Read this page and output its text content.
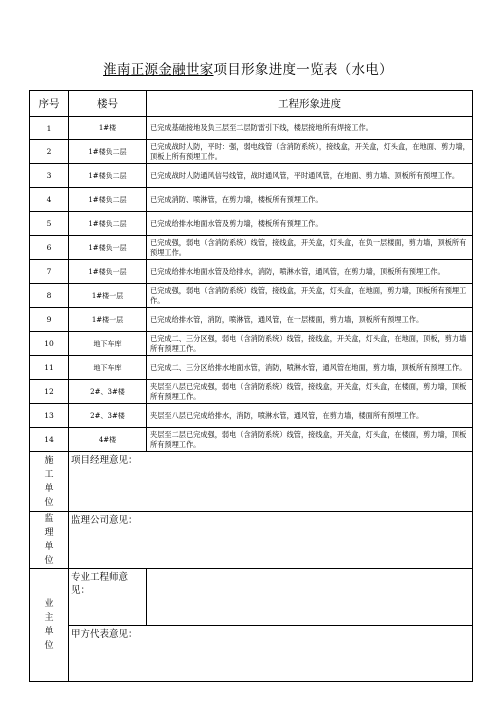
淮南正源金融世家项目形象进度一览表（水电）
序号	楼号	工程形象进度
1	1#楼	已完成基础接地及负三层至二层防雷引下线，楼层接地所有焊接工作。
2	1#楼负二层	已完成战时人防，平时：强，弱电线管（含消防系统），接线盒，开关盒，灯头盒，在地面、剪力墙，顶板上所有预埋工作。
3	1#楼负二层	已完成战时人防通风信号线管，战时通风管，平时通风管，在地面、剪力墙、顶板所有预埋工作。
4	1#楼负二层	已完成消防、喷淋管，在剪力墙，楼板所有预埋工作。
5	1#楼负二层	已完成给排水地面水管及剪力墙，楼板所有预埋工作。
6	1#楼负一层	已完成强，弱电（含消防系统）线管，接线盒，开关盒，灯头盒，在负一层楼面，剪力墙，顶板所有预埋工作。
7	1#楼负一层	已完成给排水地面水管及给排水，消防，喷淋水管，通风管，在剪力墙，顶板所有预埋工作。
8	1#楼一层	已完成强，弱电（含消防系统）线管，接线盒，开关盒，灯头盒，在地面，剪力墙，顶板所有预埋工作。
9	1#楼一层	已完成给排水管，消防，喷淋管，通风管，在一层楼面，剪力墙，顶板所有预埋工作。
10	地下车库	已完成二、三分区强，弱电（含消防系统）线管，接线盒，开关盒，灯头盒，在地面，顶板，剪力墙所有预埋工作。
11	地下车库	已完成二、三分区给排水地面水管，消防，喷淋水管，通风管在地面，剪力墙，顶板所有预埋工作。
12	2#、3#楼	夹层至八层已完成强，弱电（含消防系统）线管，接线盒，开关盒，灯头盒，在楼面，剪力墙，顶板所有预埋工作。
13	2#、3#楼	夹层至八层已完成给排水，消防，喷淋水管，通风管，在剪力墙，楼面所有预埋工作。
14	4#楼	夹层至二层已完成强，弱电（含消防系统）线管，接线盒，开关盒，灯头盒，在楼面，剪力墙，顶板所有预埋工作。

施
工
单
位	项目经理意见：	

监
理
单
位	监理公司意见：	

业
主
单
位	专业工程师意见：	
	甲方代表意见：	
